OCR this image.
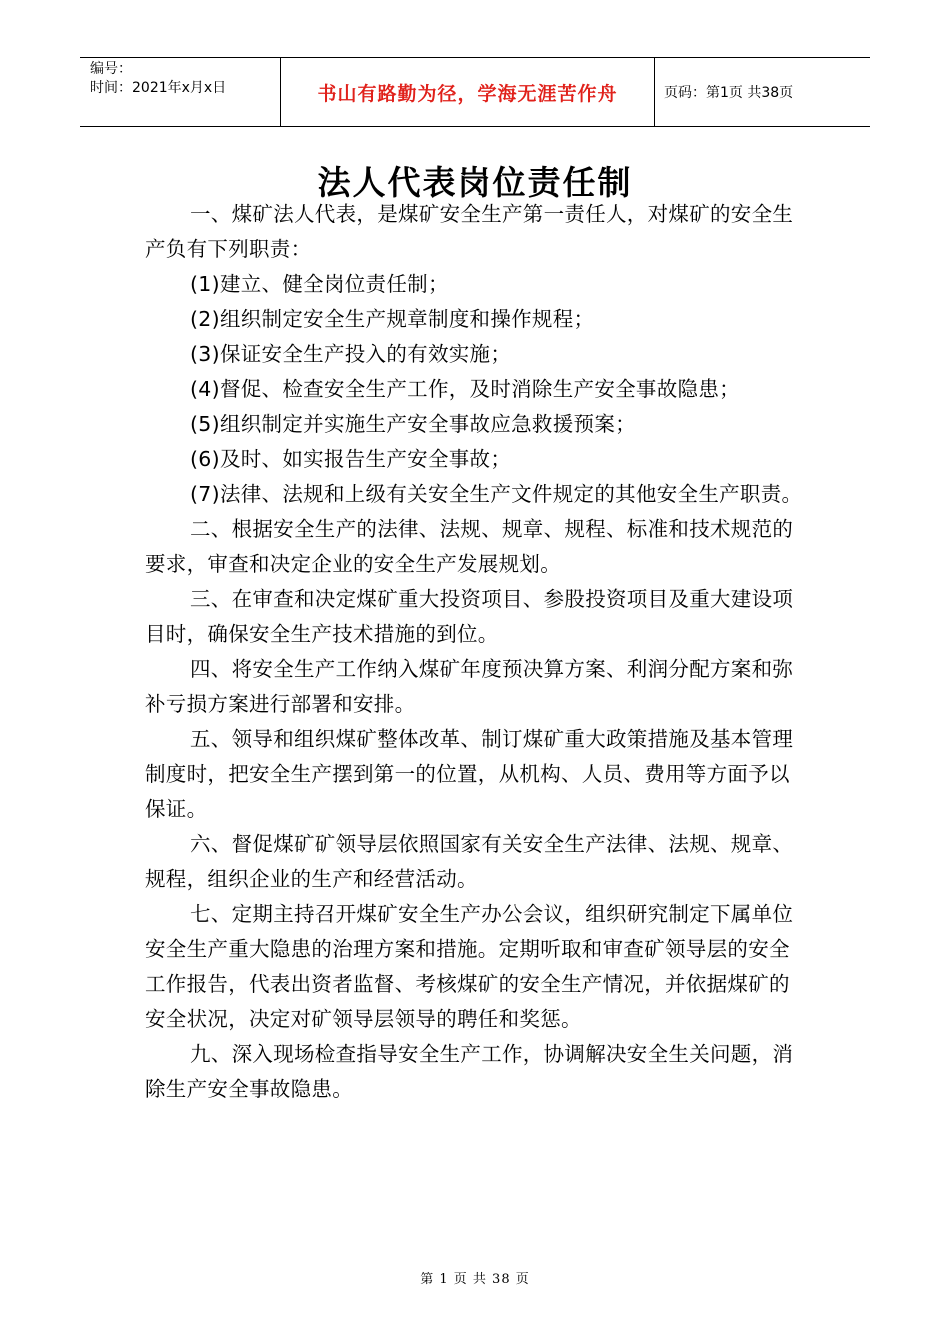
编号：
时间：2021年x月x日	书山有路勤为径，学海无涯苦作舟	页码：第1页 共38页
法人代表岗位责任制

一、煤矿法人代表，是煤矿安全生产第一责任人，对煤矿的安全生产负有下列职责：

(1)建立、健全岗位责任制；

(2)组织制定安全生产规章制度和操作规程；

(3)保证安全生产投入的有效实施；

(4)督促、检查安全生产工作，及时消除生产安全事故隐患；

(5)组织制定并实施生产安全事故应急救援预案；

(6)及时、如实报告生产安全事故；

(7)法律、法规和上级有关安全生产文件规定的其他安全生产职责。

二、根据安全生产的法律、法规、规章、规程、标准和技术规范的要求，审查和决定企业的安全生产发展规划。

三、在审查和决定煤矿重大投资项目、参股投资项目及重大建设项目时，确保安全生产技术措施的到位。

四、将安全生产工作纳入煤矿年度预决算方案、利润分配方案和弥补亏损方案进行部署和安排。

五、领导和组织煤矿整体改革、制订煤矿重大政策措施及基本管理制度时，把安全生产摆到第一的位置，从机构、人员、费用等方面予以保证。

六、督促煤矿矿领导层依照国家有关安全生产法律、法规、规章、规程，组织企业的生产和经营活动。

七、定期主持召开煤矿安全生产办公会议，组织研究制定下属单位安全生产重大隐患的治理方案和措施。定期听取和审查矿领导层的安全工作报告，代表出资者监督、考核煤矿的安全生产情况，并依据煤矿的安全状况，决定对矿领导层领导的聘任和奖惩。

九、深入现场检查指导安全生产工作，协调解决安全生关问题，消除生产安全事故隐患。

第 1 页 共 38 页
